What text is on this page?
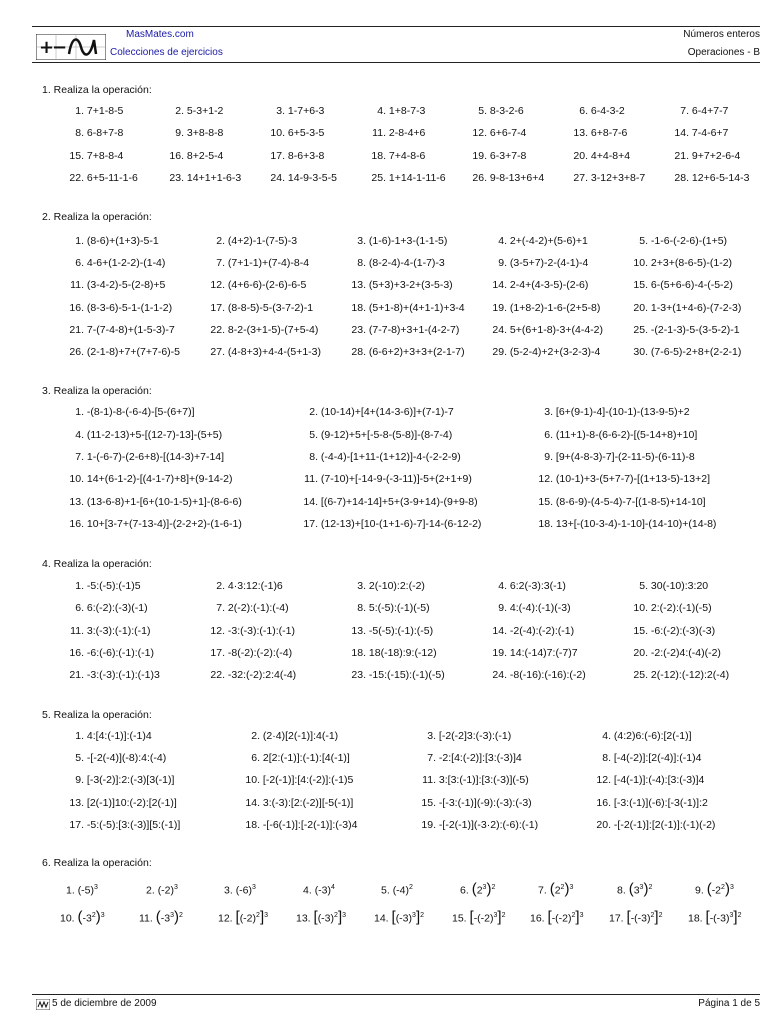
+
−
MasMates.com
Colecciones de ejercicios
Números enteros
Operaciones - B
1. Realiza la operación:
2. Realiza la operación:
3. Realiza la operación:
4. Realiza la operación:
5. Realiza la operación:
6. Realiza la operación:
1. 7+1-8-5	2. 5-3+1-2	3. 1-7+6-3	4. 1+8-7-3	5. 8-3-2-6	6. 6-4-3-2	7. 6-4+7-7
8. 6-8+7-8	9. 3+8-8-8	10. 6+5-3-5	11. 2-8-4+6	12. 6+6-7-4	13. 6+8-7-6	14. 7-4-6+7
15. 7+8-8-4	16. 8+2-5-4	17. 8-6+3-8	18. 7+4-8-6	19. 6-3+7-8	20. 4+4-8+4	21. 9+7+2-6-4
22. 6+5-11-1-6	23. 14+1+1-6-3	24. 14-9-3-5-5	25. 1+14-1-11-6	26. 9-8-13+6+4	27. 3-12+3+8-7	28. 12+6-5-14-3
1. (8-6)+(1+3)-5-1	2. (4+2)-1-(7-5)-3	3. (1-6)-1+3-(1-1-5)	4. 2+(-4-2)+(5-6)+1	5. -1-6-(-2-6)-(1+5)
6. 4-6+(1-2-2)-(1-4)	7. (7+1-1)+(7-4)-8-4	8. (8-2-4)-4-(1-7)-3	9. (3-5+7)-2-(4-1)-4	10. 2+3+(8-6-5)-(1-2)
11. (3-4-2)-5-(2-8)+5	12. (4+6-6)-(2-6)-6-5	13. (5+3)+3-2+(3-5-3)	14. 2-4+(4-3-5)-(2-6)	15. 6-(5+6-6)-4-(-5-2)
16. (8-3-6)-5-1-(1-1-2)	17. (8-8-5)-5-(3-7-2)-1	18. (5+1-8)+(4+1-1)+3-4	19. (1+8-2)-1-6-(2+5-8)	20. 1-3+(1+4-6)-(7-2-3)
21. 7-(7-4-8)+(1-5-3)-7	22. 8-2-(3+1-5)-(7+5-4)	23. (7-7-8)+3+1-(4-2-7)	24. 5+(6+1-8)-3+(4-4-2)	25. -(2-1-3)-5-(3-5-2)-1
26. (2-1-8)+7+(7+7-6)-5	27. (4-8+3)+4-4-(5+1-3)	28. (6-6+2)+3+3+(2-1-7)	29. (5-2-4)+2+(3-2-3)-4	30. (7-6-5)-2+8+(2-2-1)
1. -(8-1)-8-(-6-4)-[5-(6+7)]	2. (10-14)+[4+(14-3-6)]+(7-1)-7	3. [6+(9-1)-4]-(10-1)-(13-9-5)+2
4. (11-2-13)+5-[(12-7)-13]-(5+5)	5. (9-12)+5+[-5-8-(5-8)]-(8-7-4)	6. (11+1)-8-(6-6-2)-[(5-14+8)+10]
7. 1-(-6-7)-(2-6+8)-[(14-3)+7-14]	8. (-4-4)-[1+11-(1+12)]-4-(-2-2-9)	9. [9+(4-8-3)-7]-(2-11-5)-(6-11)-8
10. 14+(6-1-2)-[(4-1-7)+8]+(9-14-2)	11. (7-10)+[-14-9-(-3-11)]-5+(2+1+9)	12. (10-1)+3-(5+7-7)-[(1+13-5)-13+2]
13. (13-6-8)+1-[6+(10-1-5)+1]-(8-6-6)	14. [(6-7)+14-14]+5+(3-9+14)-(9+9-8)	15. (8-6-9)-(4-5-4)-7-[(1-8-5)+14-10]
16. 10+[3-7+(7-13-4)]-(2-2+2)-(1-6-1)	17. (12-13)+[10-(1+1-6)-7]-14-(6-12-2)	18. 13+[-(10-3-4)-1-10]-(14-10)+(14-8)
1. -5:(-5):(-1)5	2. 4·3:12:(-1)6	3. 2(-10):2:(-2)	4. 6:2(-3):3(-1)	5. 30(-10):3:20
6. 6:(-2):(-3)(-1)	7. 2(-2):(-1):(-4)	8. 5:(-5):(-1)(-5)	9. 4:(-4):(-1)(-3)	10. 2:(-2):(-1)(-5)
11. 3:(-3):(-1):(-1)	12. -3:(-3):(-1):(-1)	13. -5(-5):(-1):(-5)	14. -2(-4):(-2):(-1)	15. -6:(-2):(-3)(-3)
16. -6:(-6):(-1):(-1)	17. -8(-2):(-2):(-4)	18. 18(-18):9:(-12)	19. 14:(-14)7:(-7)7	20. -2:(-2)4:(-4)(-2)
21. -3:(-3):(-1):(-1)3	22. -32:(-2):2:4(-4)	23. -15:(-15):(-1)(-5)	24. -8(-16):(-16):(-2)	25. 2(-12):(-12):2(-4)
1. 4:[4:(-1)]:(-1)4	2. (2·4)[2(-1)]:4(-1)	3. [-2(-2]3:(-3):(-1)	4. (4:2)6:(-6):[2(-1)]
5. -[-2(-4)](-8):4:(-4)	6. 2[2:(-1)]:(-1):[4(-1)]	7. -2:[4:(-2)]:[3:(-3)]4	8. [-4(-2)]:[2(-4)]:(-1)4
9. [-3(-2)]:2:(-3)[3(-1)]	10. [-2(-1)]:[4:(-2)]:(-1)5	11. 3:[3:(-1)]:[3:(-3)](-5)	12. [-4(-1)]:(-4):[3:(-3)]4
13. [2(-1)]10:(-2):[2(-1)]	14. 3:(-3):[2:(-2)][-5(-1)]	15. -[-3:(-1)](-9):(-3):(-3)	16. [-3:(-1)](-6):[-3(-1)]:2
17. -5:(-5):[3:(-3)][5:(-1)]	18. -[-6(-1)]:[-2(-1)]:(-3)4	19. -[-2(-1)](-3·2):(-6):(-1)	20. -[-2(-1)]:[2(-1)]:(-1)(-2)
1. $(-5)^3$	2. $(-2)^3$	3. $(-6)^3$	4. $(-3)^4$	5. $(-4)^2$	6. $(2^3)^2$	7. $(2^2)^3$	8. $(3^3)^2$	9. $(-2^2)^3$
10. $(-3^2)^3$	11. $(-3^3)^2$	12. $[(-2)^2]^3$	13. $[(-3)^2]^3$	14. $[(-3)^3]^2$	15. $[-(-2)^3]^2$ 16. $[-(-2)^2]^3$ 17. $[-(-3)^2]^2$ 18. $[-(-3)^3]^2$
5 de diciembre de 2009	Página 1 de 5
